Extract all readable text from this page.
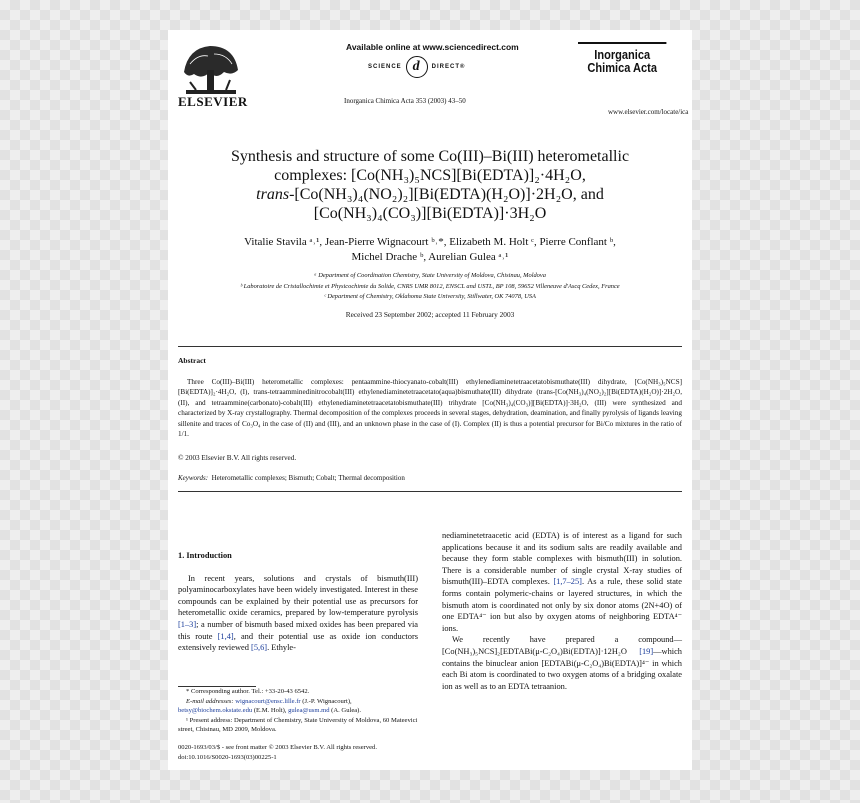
ELSEVIER
Available online at www.sciencedirect.com
SCIENCE d	DIRECT®
Inorganica Chimica Acta 353 (2003) 43–50
Inorganica
Chimica Acta
www.elsevier.com/locate/ica
Synthesis and structure of some Co(III)–Bi(III) heterometallic
complexes: [Co(NH₃)₅NCS][Bi(EDTA)]₂·4H₂O,
trans-[Co(NH₃)₄(NO₂)₂][Bi(EDTA)(H₂O)]·2H₂O, and
[Co(NH₃)₄(CO₃)][Bi(EDTA)]·3H₂O
Vitalie Stavila ᵃ˒¹, Jean-Pierre Wignacourt ᵇ˒*, Elizabeth M. Holt ᶜ, Pierre Conflant ᵇ,
Michel Drache ᵇ, Aurelian Gulea ᵃ˒¹
ᵃ Department of Coordination Chemistry, State University of Moldova, Chisinau, Moldova
ᵇ Laboratoire de Cristallochimie et Physicochimie du Solide, CNRS UMR 8012, ENSCL and USTL, BP 108, 59652 Villeneuve d'Ascq Cedex, France
ᶜ Department of Chemistry, Oklahoma State University, Stillwater, OK 74078, USA
Received 23 September 2002; accepted 11 February 2003
Abstract
Three Co(III)–Bi(III) heterometallic complexes: pentaammine-thiocyanato-cobalt(III) ethylenediaminetetraacetatobismuthate(III) dihydrate, [Co(NH₃)₅NCS][Bi(EDTA)]₂·4H₂O, (I), trans-tetraamminedinitrocobalt(III) ethylenediaminetetraacetato(aqua)bismuthate(III) dihydrate (trans-[Co(NH₃)₄(NO₂)₂][Bi(EDTA)(H₂O)]·2H₂O, (II), and tetraammine(carbonato)-cobalt(III) ethylenediaminetetraacetatobismuthate(III) trihydrate [Co(NH₃)₄(CO₃)][Bi(EDTA)]·3H₂O, (III) were synthesized and characterized by X-ray crystallography. Thermal decomposition of the complexes proceeds in several stages, dehydration, deamination, and finally pyrolysis of ligands leaving sillenite and traces of Co₃O₄ in the case of (II) and (III), and an unknown phase in the case of (I). Complex (II) is thus a potential precursor for Bi/Co mixtures in the ratio of 1/1.
© 2003 Elsevier B.V. All rights reserved.
Keywords: Heterometallic complexes; Bismuth; Cobalt; Thermal decomposition
1. Introduction

In recent years, solutions and crystals of bismuth(III) polyaminocarboxylates have been widely investigated. Interest in these compounds can be explained by their potential use as precursors for heterometallic oxide ceramics, prepared by low-temperature pyrolysis [1–3]; a number of bismuth based mixed oxides has been prepared via this route [1,4], and their potential use as oxide ion conductors extensively reviewed [5,6]. Ethyle-

* Corresponding author. Tel.: +33-20-43 6542.

E-mail addresses: wignacourt@ensc.lille.fr (J.-P. Wignacourt), betsy@biochem.okstate.edu (E.M. Holt), gulea@usm.md (A. Gulea).

¹ Present address: Department of Chemistry, State University of Moldova, 60 Mateevici street, Chisinau, MD 2009, Moldova.

0020-1693/03/$ - see front matter © 2003 Elsevier B.V. All rights reserved.
doi:10.1016/S0020-1693(03)00225-1

nediaminetetraacetic acid (EDTA) is of interest as a ligand for such applications because it and its sodium salts are readily available and because they form stable complexes with bismuth(III) in solution. There is a considerable number of single crystal X-ray studies of bismuth(III)–EDTA complexes. [1,7–25]. As a rule, these solid state forms contain polymeric-chains or layered structures, in which the bismuth atom is coordinated not only by six donor atoms (2N+4O) of one EDTA⁴⁻ ion but also by oxygen atoms of neighboring EDTA⁴⁻ ions.

We recently have prepared a compound—[Co(NH₃)₅NCS]₂[EDTABi(μ-C₂O₄)Bi(EDTA)]·12H₂O [19]—which contains the binuclear anion [EDTABi(μ-C₂O₄)Bi(EDTA)]⁴⁻ in which each Bi atom is coordinated to two oxygen atoms of a bridging oxalate ion as well as to an EDTA tetraanion.
